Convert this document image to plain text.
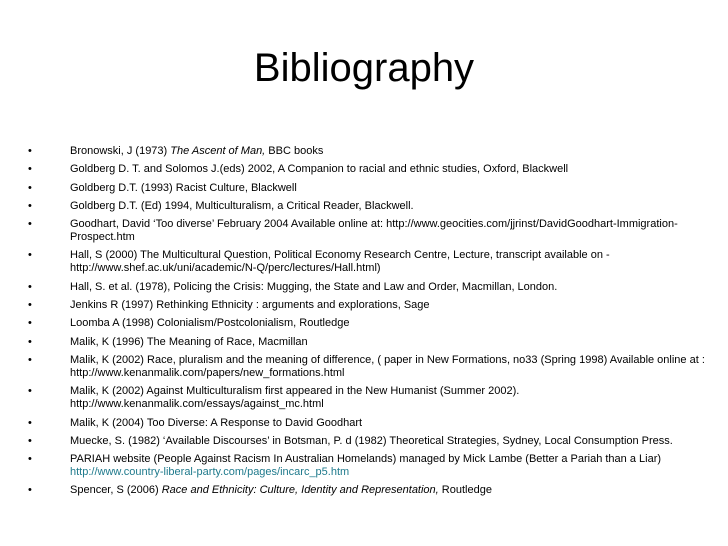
Bibliography
•	Bronowski, J (1973) The Ascent of Man, BBC books
•	Goldberg D. T. and Solomos J.(eds) 2002, A Companion to racial and ethnic studies, Oxford, Blackwell
•	Goldberg D.T. (1993) Racist Culture, Blackwell
•	Goldberg D.T. (Ed) 1994, Multiculturalism, a Critical Reader, Blackwell.
•	Goodhart, David ‘Too diverse’ February 2004 Available online at: http://www.geocities.com/jjrinst/DavidGoodhart-Immigration-Prospect.htm
•	Hall, S (2000) The Multicultural Question, Political Economy Research Centre, Lecture, transcript available on - http://www.shef.ac.uk/uni/academic/N-Q/perc/lectures/Hall.html)
•	Hall, S. et al. (1978), Policing the Crisis: Mugging, the State and Law and Order, Macmillan, London.
•	Jenkins R (1997) Rethinking Ethnicity : arguments and explorations, Sage
•	Loomba A (1998) Colonialism/Postcolonialism, Routledge
•	Malik, K (1996) The Meaning of Race, Macmillan
•	Malik, K (2002) Race, pluralism and the meaning of difference, ( paper in New Formations, no33 (Spring 1998) Available online at : http://www.kenanmalik.com/papers/new_formations.html
•	Malik, K (2002) Against Multiculturalism first appeared in the New Humanist (Summer 2002). http://www.kenanmalik.com/essays/against_mc.html
•	Malik, K (2004) Too Diverse: A Response to David Goodhart
•	Muecke, S. (1982) ‘Available Discourses’ in Botsman, P. d (1982) Theoretical Strategies, Sydney, Local Consumption Press.
•	PARIAH website (People Against Racism In Australian Homelands) managed by Mick Lambe (Better a Pariah than a Liar) http://www.country-liberal-party.com/pages/incarc_p5.htm
•	Spencer, S (2006) Race and Ethnicity: Culture, Identity and Representation, Routledge
